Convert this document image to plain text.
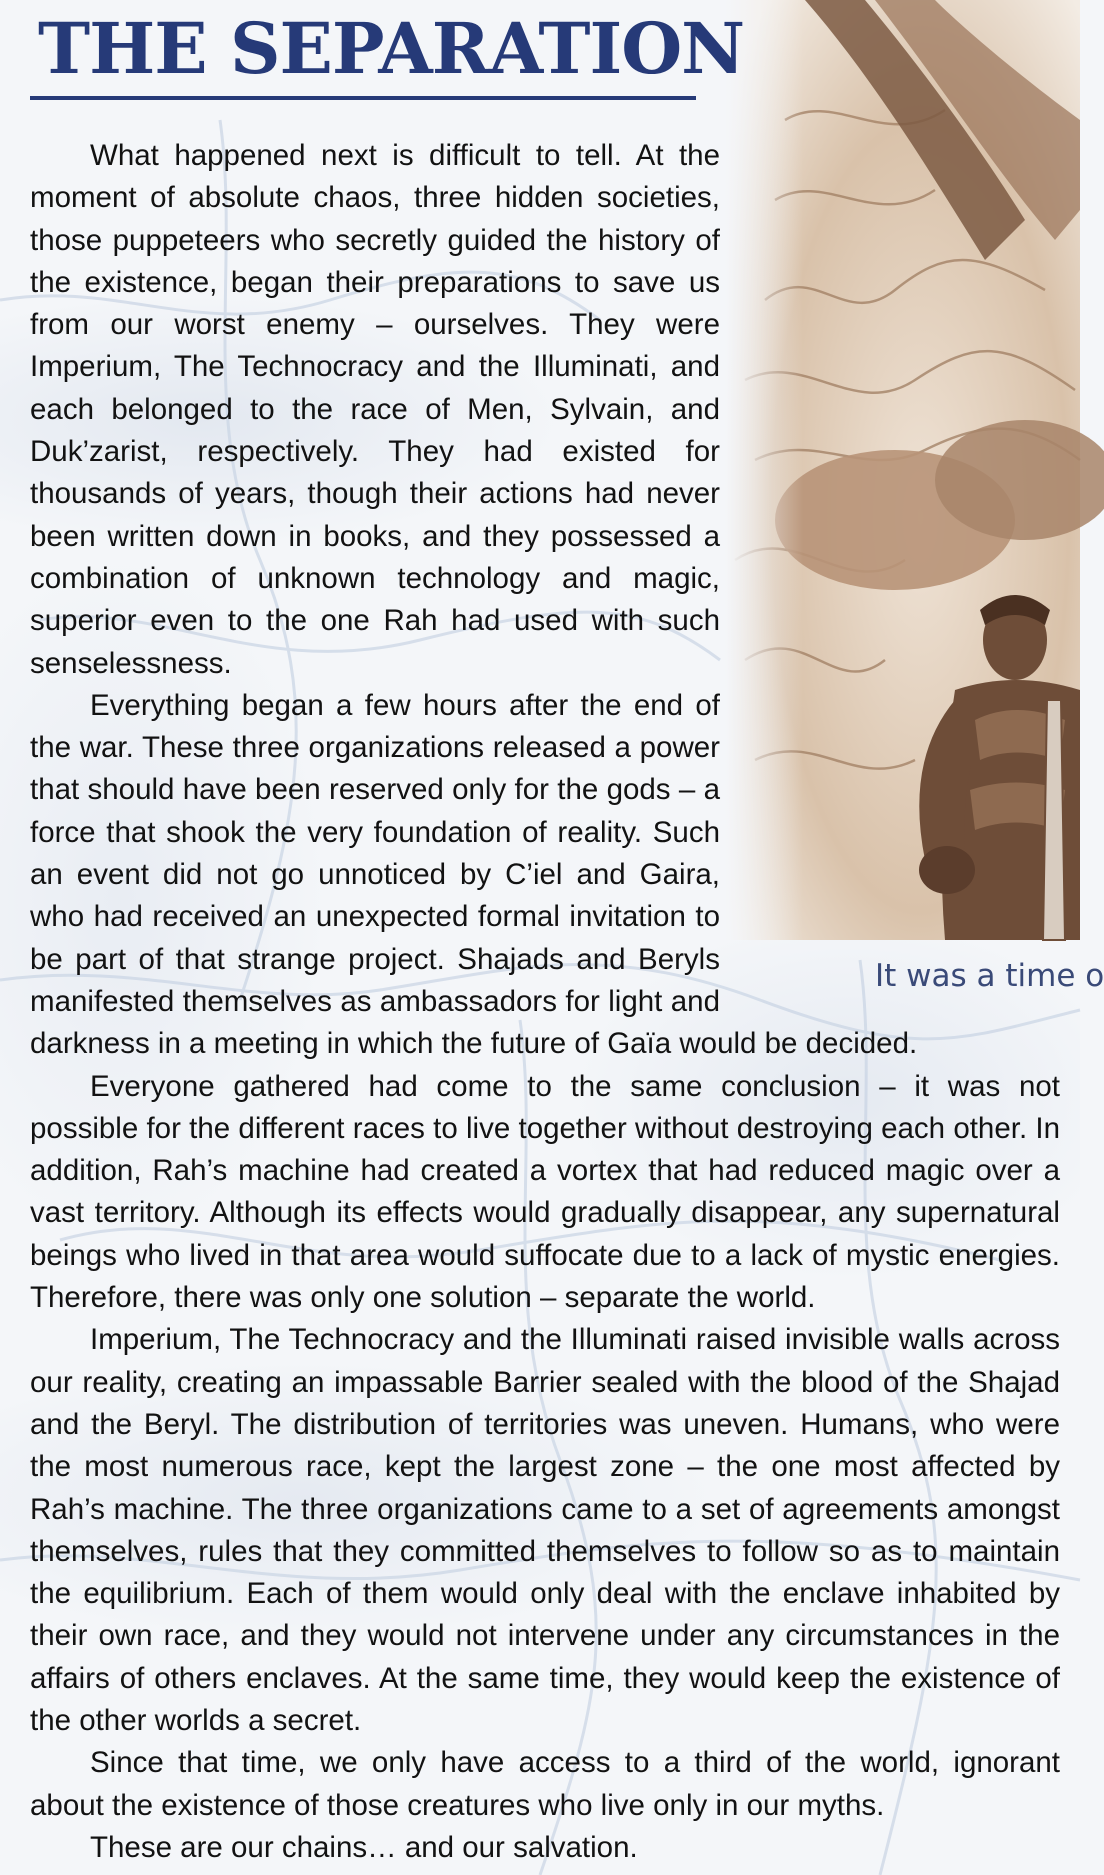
THE SEPARATION
It was a time o

What happened next is difficult to tell. At the moment of absolute chaos, three hidden societies, those puppeteers who secretly guided the history of the existence, began their preparations to save us from our worst enemy – ourselves. They were Imperium, The Technocracy and the Illuminati, and each belonged to the race of Men, Sylvain, and Duk’zarist, respectively. They had existed for thousands of years, though their actions had never been written down in books, and they possessed a combination of unknown technology and magic, superior even to the one Rah had used with such senselessness.

Everything began a few hours after the end of the war. These three organizations released a power that should have been reserved only for the gods – a force that shook the very foundation of reality. Such an event did not go unnoticed by C’iel and Gaira, who had received an unexpected formal invitation to be part of that strange project. Shajads and Beryls manifested themselves as ambassadors for light and darkness in a meeting in which the future of Gaïa would be decided.

Everyone gathered had come to the same conclusion – it was not possible for the different races to live together without destroying each other. In addition, Rah’s machine had created a vortex that had reduced magic over a vast territory. Although its effects would gradually disappear, any supernatural beings who lived in that area would suffocate due to a lack of mystic energies. Therefore, there was only one solution – separate the world.

Imperium, The Technocracy and the Illuminati raised invisible walls across our reality, creating an impassable Barrier sealed with the blood of the Shajad and the Beryl. The distribution of territories was uneven. Humans, who were the most numerous race, kept the largest zone – the one most affected by Rah’s machine. The three organizations came to a set of agreements amongst themselves, rules that they committed themselves to follow so as to maintain the equilibrium. Each of them would only deal with the enclave inhabited by their own race, and they would not intervene under any circumstances in the affairs of others enclaves. At the same time, they would keep the existence of the other worlds a secret.

Since that time, we only have access to a third of the world, ignorant about the existence of those creatures who live only in our myths.

These are our chains… and our salvation.
